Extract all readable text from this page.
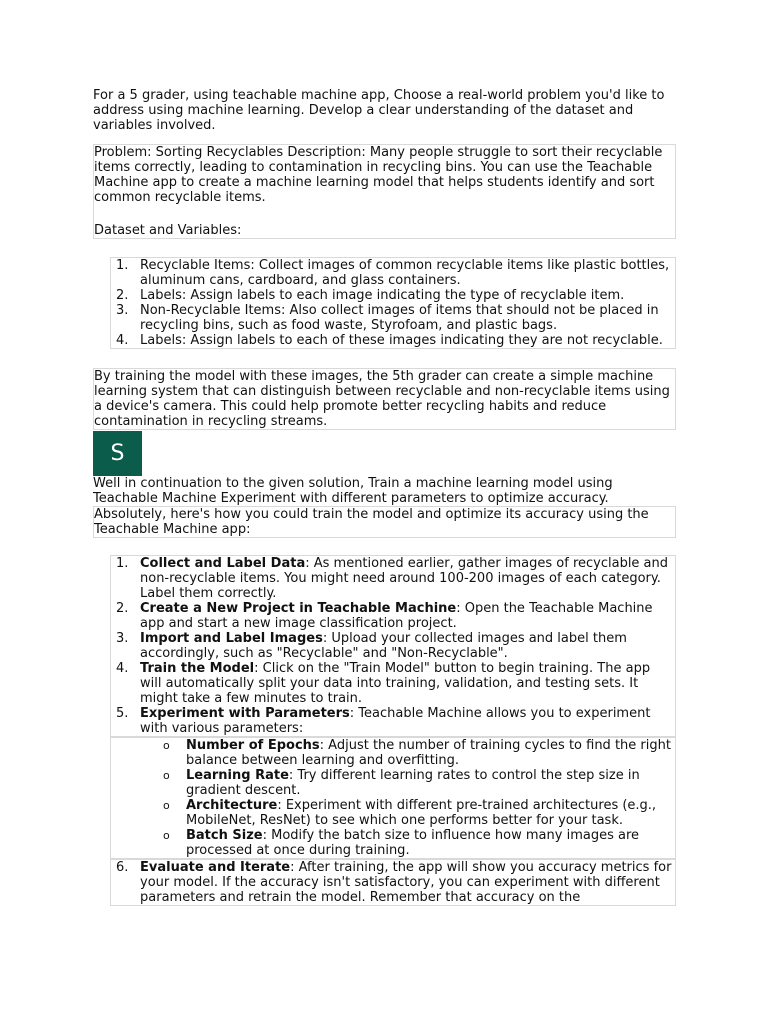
For a 5 grader, using teachable machine app, Choose a real-world problem you'd like to address using machine learning. Develop a clear understanding of the dataset and variables involved.

Problem: Sorting Recyclables Description: Many people struggle to sort their recyclable items correctly, leading to contamination in recycling bins. You can use the Teachable Machine app to create a machine learning model that helps students identify and sort common recyclable items.

Dataset and Variables:

1. Recyclable Items: Collect images of common recyclable items like plastic bottles, aluminum cans, cardboard, and glass containers.
2. Labels: Assign labels to each image indicating the type of recyclable item.
3. Non-Recyclable Items: Also collect images of items that should not be placed in recycling bins, such as food waste, Styrofoam, and plastic bags.
4. Labels: Assign labels to each of these images indicating they are not recyclable.

By training the model with these images, the 5th grader can create a simple machine learning system that can distinguish between recyclable and non-recyclable items using a device's camera. This could help promote better recycling habits and reduce contamination in recycling streams.

S

Well in continuation to the given solution, Train a machine learning model using Teachable Machine Experiment with different parameters to optimize accuracy.

Absolutely, here's how you could train the model and optimize its accuracy using the Teachable Machine app:

1. Collect and Label Data: As mentioned earlier, gather images of recyclable and non-recyclable items. You might need around 100-200 images of each category. Label them correctly.
2. Create a New Project in Teachable Machine: Open the Teachable Machine app and start a new image classification project.
3. Import and Label Images: Upload your collected images and label them accordingly, such as "Recyclable" and "Non-Recyclable".
4. Train the Model: Click on the "Train Model" button to begin training. The app will automatically split your data into training, validation, and testing sets. It might take a few minutes to train.
5. Experiment with Parameters: Teachable Machine allows you to experiment with various parameters:
o Number of Epochs: Adjust the number of training cycles to find the right balance between learning and overfitting.
o Learning Rate: Try different learning rates to control the step size in gradient descent.
o Architecture: Experiment with different pre-trained architectures (e.g., MobileNet, ResNet) to see which one performs better for your task.
o Batch Size: Modify the batch size to influence how many images are processed at once during training.
6. Evaluate and Iterate: After training, the app will show you accuracy metrics for your model. If the accuracy isn't satisfactory, you can experiment with different parameters and retrain the model. Remember that accuracy on the
